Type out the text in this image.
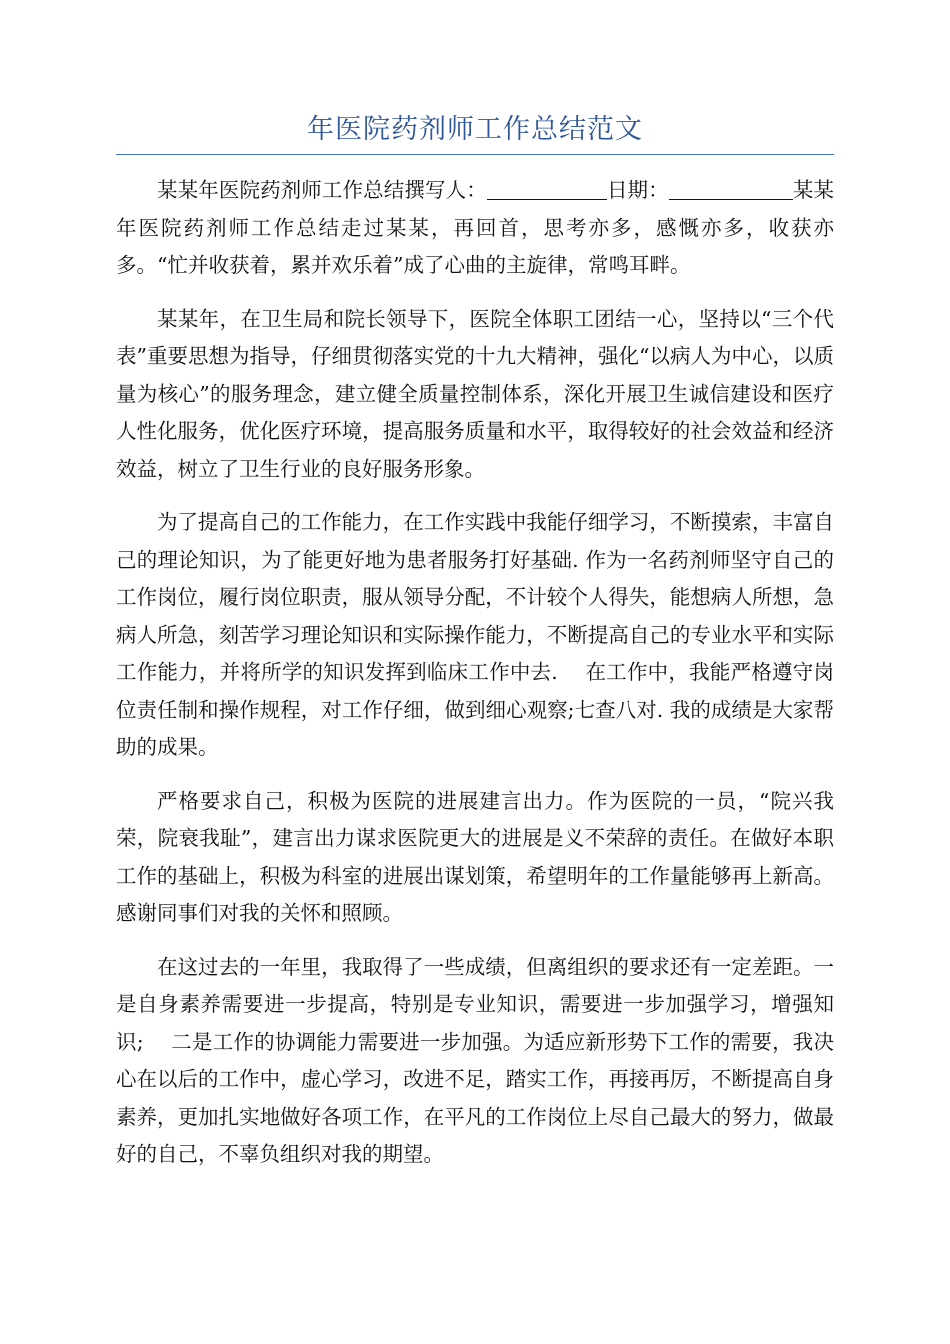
年医院药剂师工作总结范文

某某年医院药剂师工作总结撰写人：	日期：	某某年医院药剂师工作总结走过某某，再回首，思考亦多，感慨亦多，收获亦多。“忙并收获着，累并欢乐着”成了心曲的主旋律，常鸣耳畔。

某某年，在卫生局和院长领导下，医院全体职工团结一心，坚持以“三个代表”重要思想为指导，仔细贯彻落实党的十九大精神，强化“以病人为中心，以质量为核心”的服务理念，建立健全质量控制体系，深化开展卫生诚信建设和医疗人性化服务，优化医疗环境，提高服务质量和水平，取得较好的社会效益和经济效益，树立了卫生行业的良好服务形象。

为了提高自己的工作能力，在工作实践中我能仔细学习，不断摸索，丰富自己的理论知识，为了能更好地为患者服务打好基础. 作为一名药剂师坚守自己的工作岗位，履行岗位职责，服从领导分配，不计较个人得失，能想病人所想，急病人所急，刻苦学习理论知识和实际操作能力，不断提高自己的专业水平和实际工作能力，并将所学的知识发挥到临床工作中去.　 在工作中，我能严格遵守岗位责任制和操作规程，对工作仔细，做到细心观察;七查八对. 我的成绩是大家帮助的成果。

严格要求自己，积极为医院的进展建言出力。作为医院的一员，“院兴我荣，院衰我耻”，建言出力谋求医院更大的进展是义不荣辞的责任。在做好本职工作的基础上，积极为科室的进展出谋划策，希望明年的工作量能够再上新高。感谢同事们对我的关怀和照顾。

在这过去的一年里，我取得了一些成绩，但离组织的要求还有一定差距。一是自身素养需要进一步提高，特别是专业知识，需要进一步加强学习，增强知识;　 二是工作的协调能力需要进一步加强。为适应新形势下工作的需要，我决心在以后的工作中，虚心学习，改进不足，踏实工作，再接再厉，不断提高自身素养，更加扎实地做好各项工作，在平凡的工作岗位上尽自己最大的努力，做最好的自己，不辜负组织对我的期望。
